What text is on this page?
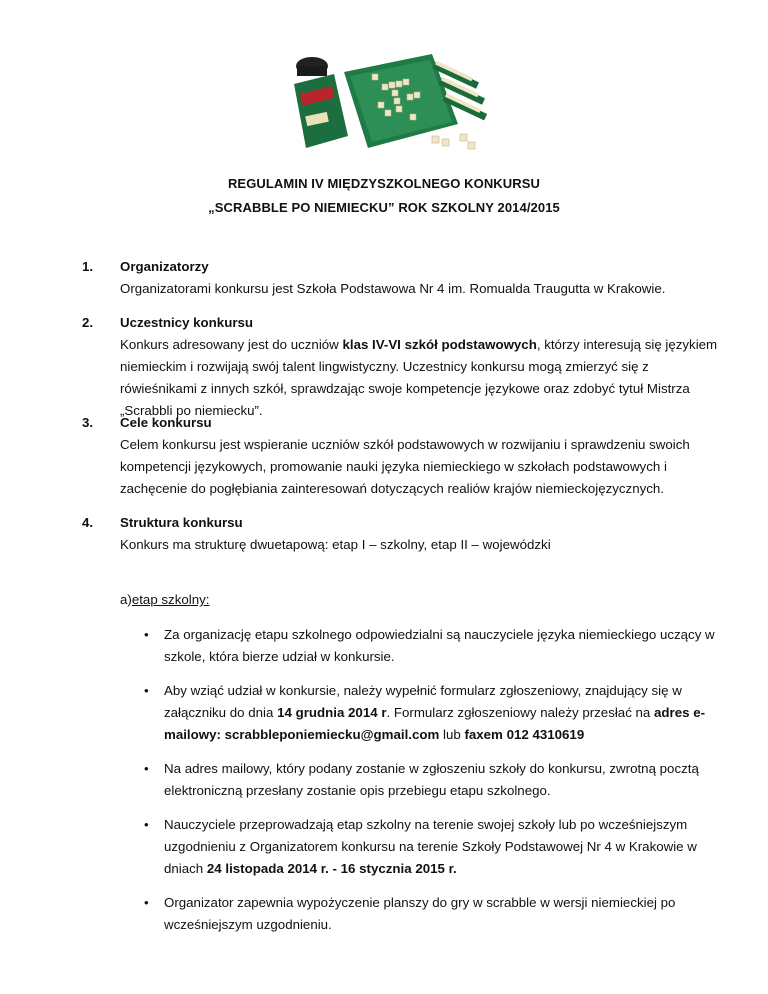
REGULAMIN IV MIĘDZYSZKOLNEGO KONKURSU
„SCRABBLE PO NIEMIECKU” ROK SZKOLNY 2014/2015
1. Organizatorzy
Organizatorami konkursu jest Szkoła Podstawowa Nr 4 im. Romualda Traugutta w Krakowie.
2. Uczestnicy konkursu
Konkurs adresowany jest do uczniów klas IV-VI szkół podstawowych, którzy interesują się językiem niemieckim i rozwijają swój talent lingwistyczny. Uczestnicy konkursu mogą zmierzyć się z rówieśnikami z innych szkół, sprawdzając swoje kompetencje językowe oraz zdobyć tytuł Mistrza „Scrabbli po niemiecku”.
3. Cele konkursu
Celem konkursu jest wspieranie uczniów szkół podstawowych w rozwijaniu i sprawdzeniu swoich kompetencji językowych, promowanie nauki języka niemieckiego w szkołach podstawowych i zachęcenie do pogłębiania zainteresowań dotyczących realiów krajów niemieckojęzycznych.
4. Struktura konkursu
Konkurs ma strukturę dwuetapową: etap I – szkolny, etap II – wojewódzki
a)etap szkolny:
• Za organizację etapu szkolnego odpowiedzialni są nauczyciele języka niemieckiego uczący w szkole, która bierze udział w konkursie.
• Aby wziąć udział w konkursie, należy wypełnić formularz zgłoszeniowy, znajdujący się w załączniku do dnia 14 grudnia 2014 r. Formularz zgłoszeniowy należy przesłać na adres e-mailowy: scrabbleponiemiecku@gmail.com lub faxem 012 4310619
• Na adres mailowy, który podany zostanie w zgłoszeniu szkoły do konkursu, zwrotną pocztą elektroniczną przesłany zostanie opis przebiegu etapu szkolnego.
• Nauczyciele przeprowadzają etap szkolny na terenie swojej szkoły lub po wcześniejszym uzgodnieniu z Organizatorem konkursu na terenie Szkoły Podstawowej Nr 4 w Krakowie w dniach 24 listopada 2014 r. - 16 stycznia 2015 r.
• Organizator zapewnia wypożyczenie planszy do gry w scrabble w wersji niemieckiej po wcześniejszym uzgodnieniu.
